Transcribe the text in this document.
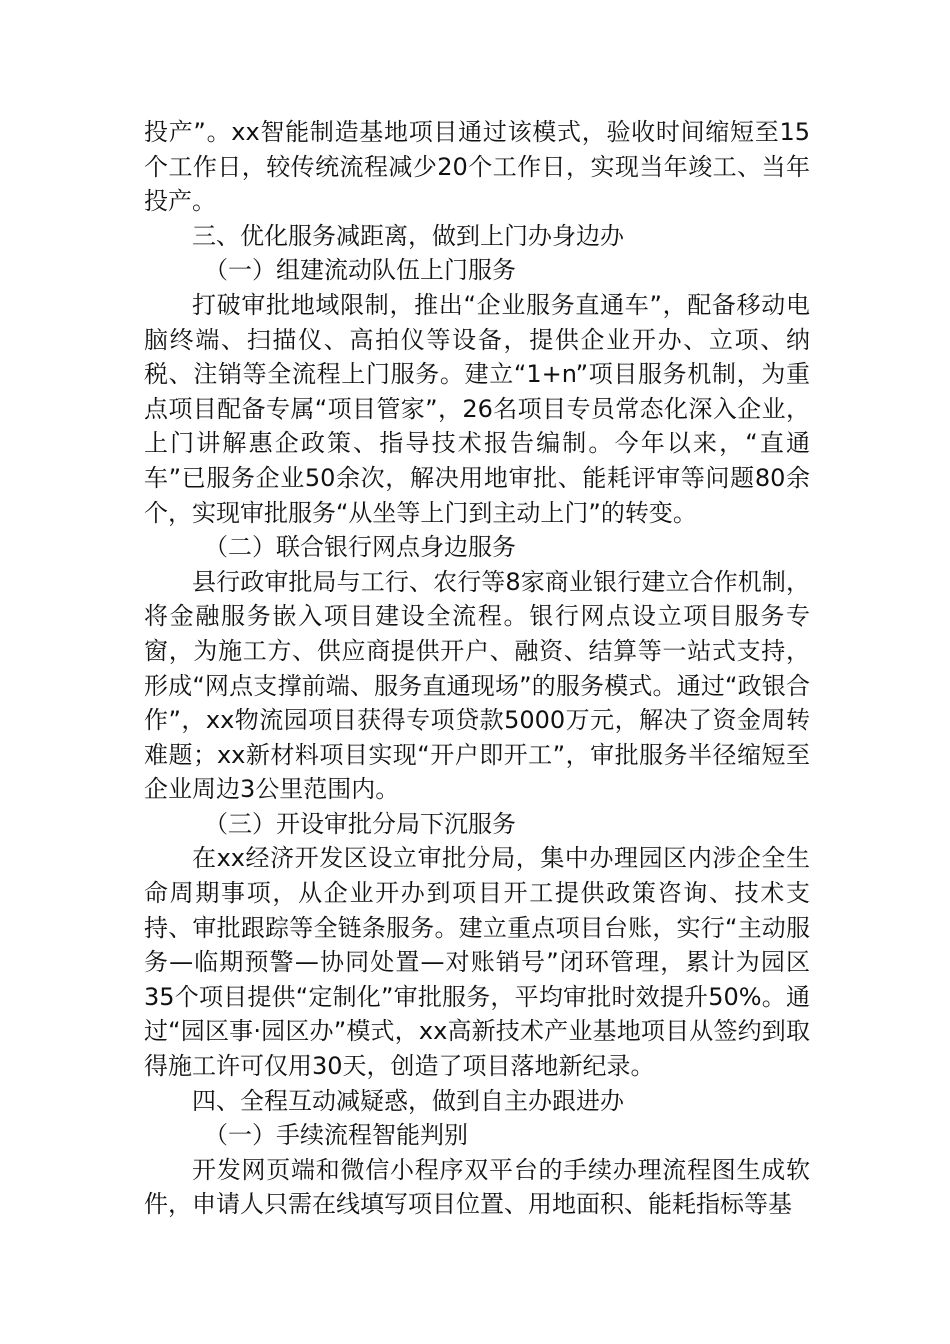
投产”。xx智能制造基地项目通过该模式，验收时间缩短至15个工作日，较传统流程减少20个工作日，实现当年竣工、当年投产。

三、优化服务减距离，做到上门办身边办

（一）组建流动队伍上门服务

打破审批地域限制，推出“企业服务直通车”，配备移动电脑终端、扫描仪、高拍仪等设备，提供企业开办、立项、纳税、注销等全流程上门服务。建立“1+n”项目服务机制，为重点项目配备专属“项目管家”，26名项目专员常态化深入企业，上门讲解惠企政策、指导技术报告编制。今年以来，“直通车”已服务企业50余次，解决用地审批、能耗评审等问题80余个，实现审批服务“从坐等上门到主动上门”的转变。

（二）联合银行网点身边服务

县行政审批局与工行、农行等8家商业银行建立合作机制，将金融服务嵌入项目建设全流程。银行网点设立项目服务专窗，为施工方、供应商提供开户、融资、结算等一站式支持，形成“网点支撑前端、服务直通现场”的服务模式。通过“政银合作”，xx物流园项目获得专项贷款5000万元，解决了资金周转难题；xx新材料项目实现“开户即开工”，审批服务半径缩短至企业周边3公里范围内。

（三）开设审批分局下沉服务

在xx经济开发区设立审批分局，集中办理园区内涉企全生命周期事项，从企业开办到项目开工提供政策咨询、技术支持、审批跟踪等全链条服务。建立重点项目台账，实行“主动服务—临期预警—协同处置—对账销号”闭环管理，累计为园区35个项目提供“定制化”审批服务，平均审批时效提升50%。通过“园区事·园区办”模式，xx高新技术产业基地项目从签约到取得施工许可仅用30天，创造了项目落地新纪录。

四、全程互动减疑惑，做到自主办跟进办

（一）手续流程智能判别

开发网页端和微信小程序双平台的手续办理流程图生成软件，申请人只需在线填写项目位置、用地面积、能耗指标等基
